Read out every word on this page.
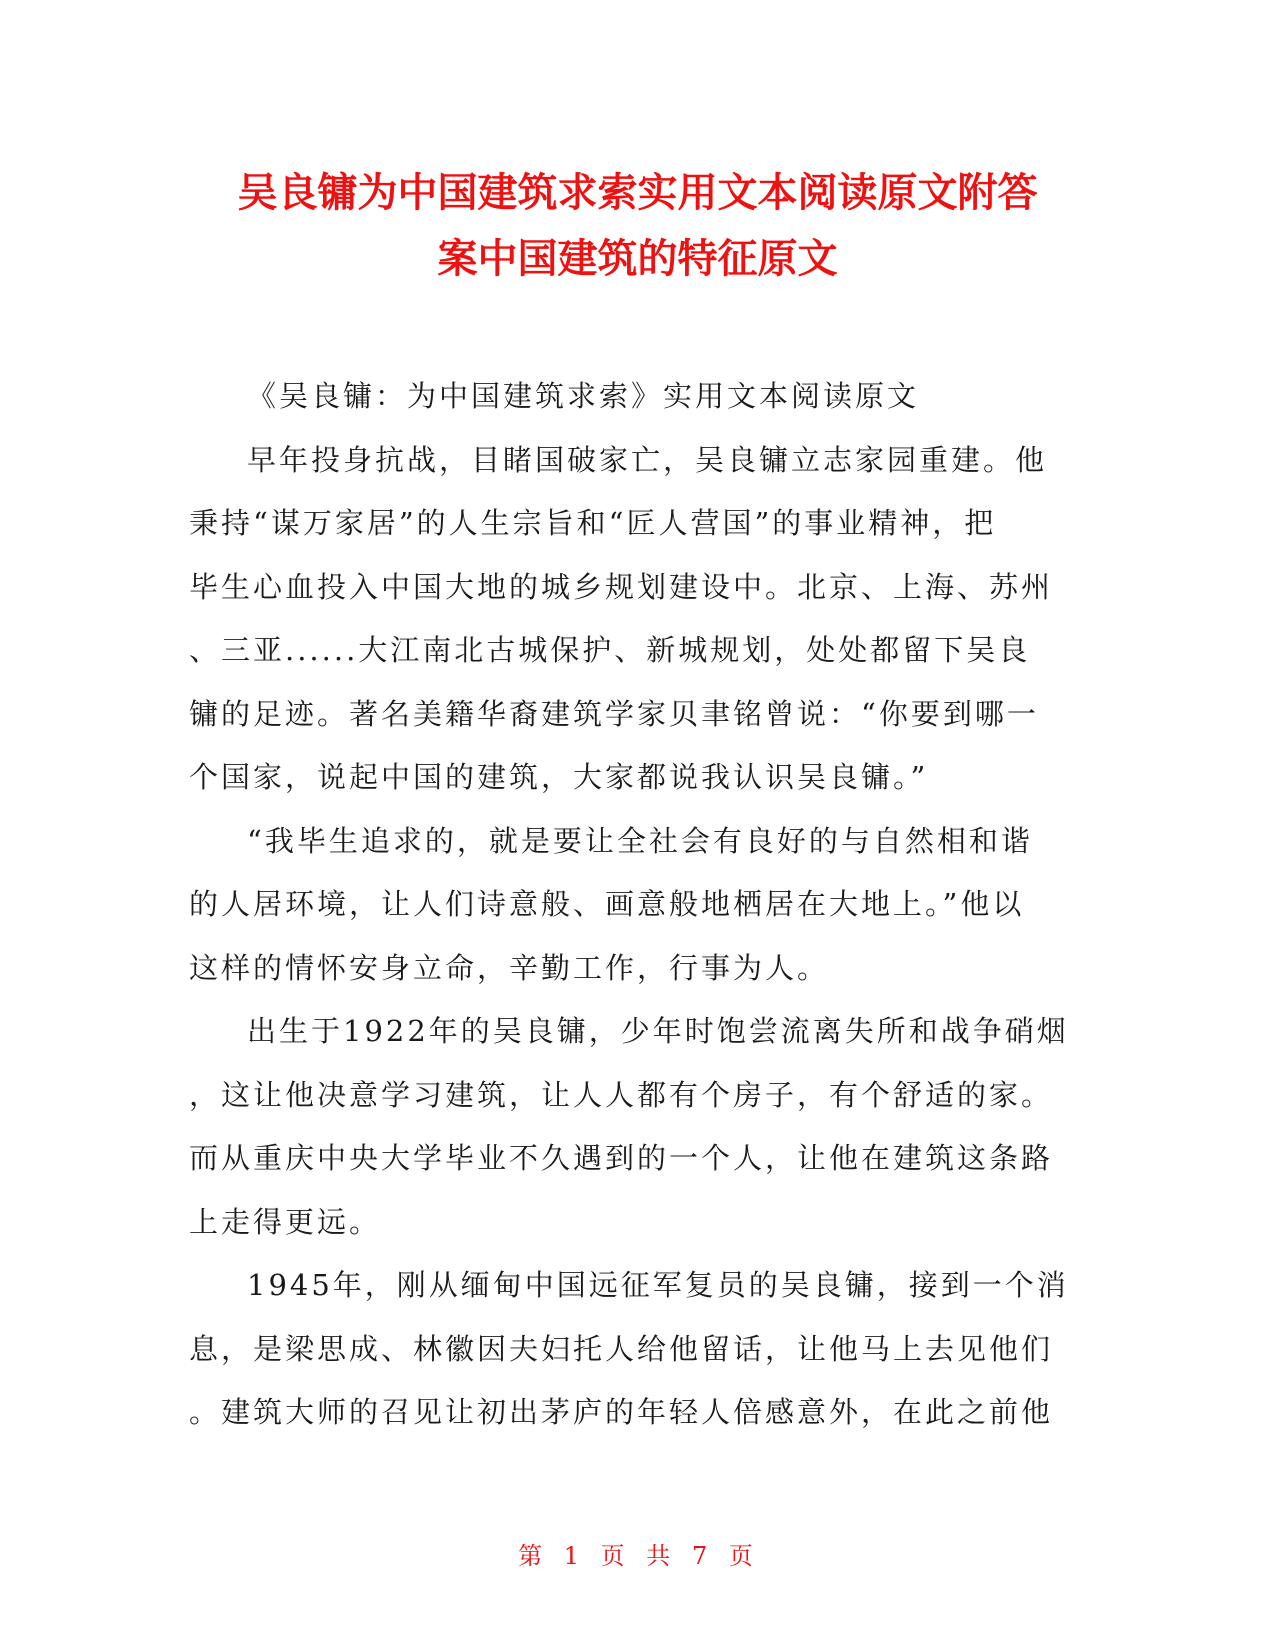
吴良镛为中国建筑求索实用文本阅读原文附答
案中国建筑的特征原文
《吴良镛：为中国建筑求索》实用文本阅读原文
早年投身抗战，目睹国破家亡，吴良镛立志家园重建。他
秉持“谋万家居”的人生宗旨和“匠人营国”的事业精神，把
毕生心血投入中国大地的城乡规划建设中。北京、上海、苏州
、三亚......大江南北古城保护、新城规划，处处都留下吴良
镛的足迹。著名美籍华裔建筑学家贝聿铭曾说：“你要到哪一
个国家，说起中国的建筑，大家都说我认识吴良镛。”
“我毕生追求的，就是要让全社会有良好的与自然相和谐
的人居环境，让人们诗意般、画意般地栖居在大地上。”他以
这样的情怀安身立命，辛勤工作，行事为人。
出生于1922年的吴良镛，少年时饱尝流离失所和战争硝烟
，这让他决意学习建筑，让人人都有个房子，有个舒适的家。
而从重庆中央大学毕业不久遇到的一个人，让他在建筑这条路
上走得更远。
1945年，刚从缅甸中国远征军复员的吴良镛，接到一个消
息，是梁思成、林徽因夫妇托人给他留话，让他马上去见他们
。建筑大师的召见让初出茅庐的年轻人倍感意外，在此之前他
第 1 页 共 7 页
